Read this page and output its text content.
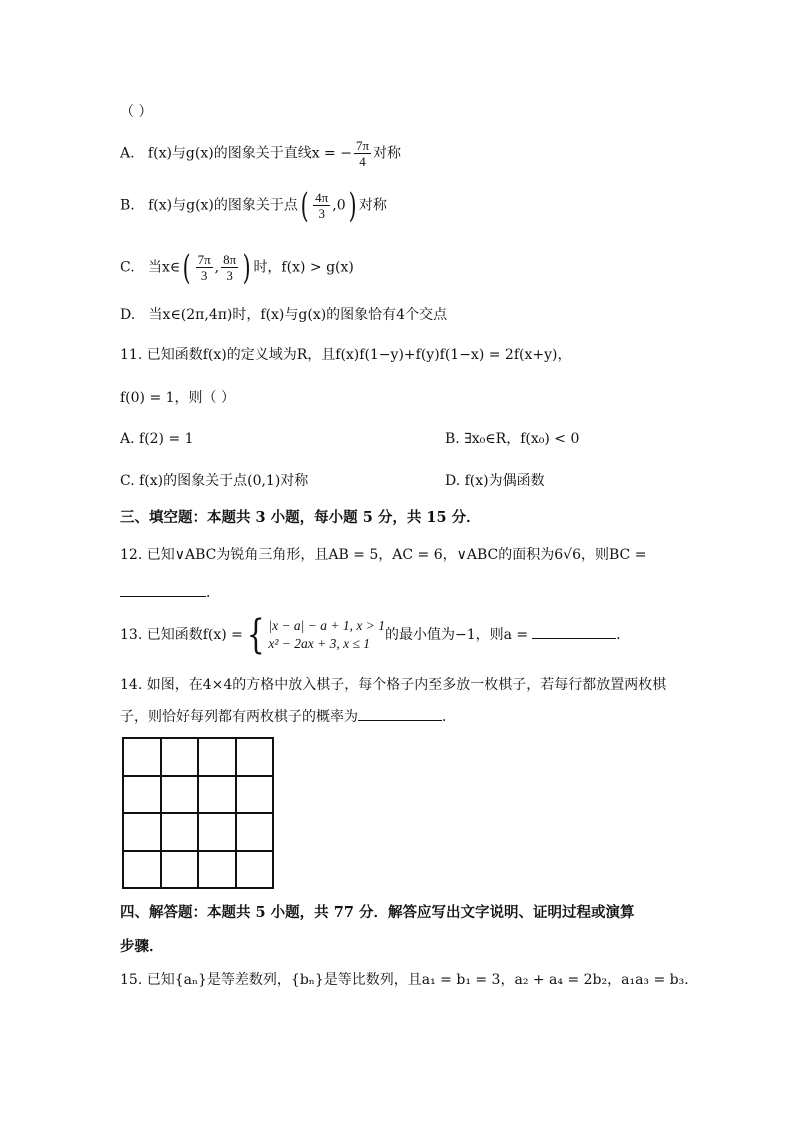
（ ）
A. f(x)与g(x)的图象关于直线x = − $\frac{7\pi}{4}$ 对称
B. f(x)与g(x)的图象关于点( $\frac{4\pi}{3} ,0$) 对称
C. 当x∈( $\frac{7\pi}{3}$ , $\frac{8\pi}{3}$ ) 时，f(x) > g(x)
D. 当x∈(2π,4π)时，f(x)与g(x)的图象恰有4个交点
11. 已知函数f(x)的定义域为R，且f(x)f(1−y)+f(y)f(1−x) = 2f(x+y)，
f(0) = 1，则（ ）
A. f(2) = 1	B. ∃x₀∈R，f(x₀) < 0
C. f(x)的图象关于点(0,1)对称	D. f(x)为偶函数
三、填空题：本题共 3 小题，每小题 5 分，共 15 分．
12. 已知∨ABC为锐角三角形，且AB = 5，AC = 6，∨ABC的面积为6√6，则BC =
．
13. 已知函数f(x) = { |x − a| − a + 1, x > 1
x² − 2ax + 3, x ≤ 1
的最小值为−1，则a =	．
14. 如图，在4×4的方格中放入棋子，每个格子内至多放一枚棋子，若每行都放置两枚棋
子，则恰好每列都有两枚棋子的概率为	．
四、解答题：本题共 5 小题，共 77 分．解答应写出文字说明、证明过程或演算
步骤．
15. 已知{aₙ}是等差数列，{bₙ}是等比数列，且a₁ = b₁ = 3，a₂ + a₄ = 2b₂，a₁a₃ = b₃．
